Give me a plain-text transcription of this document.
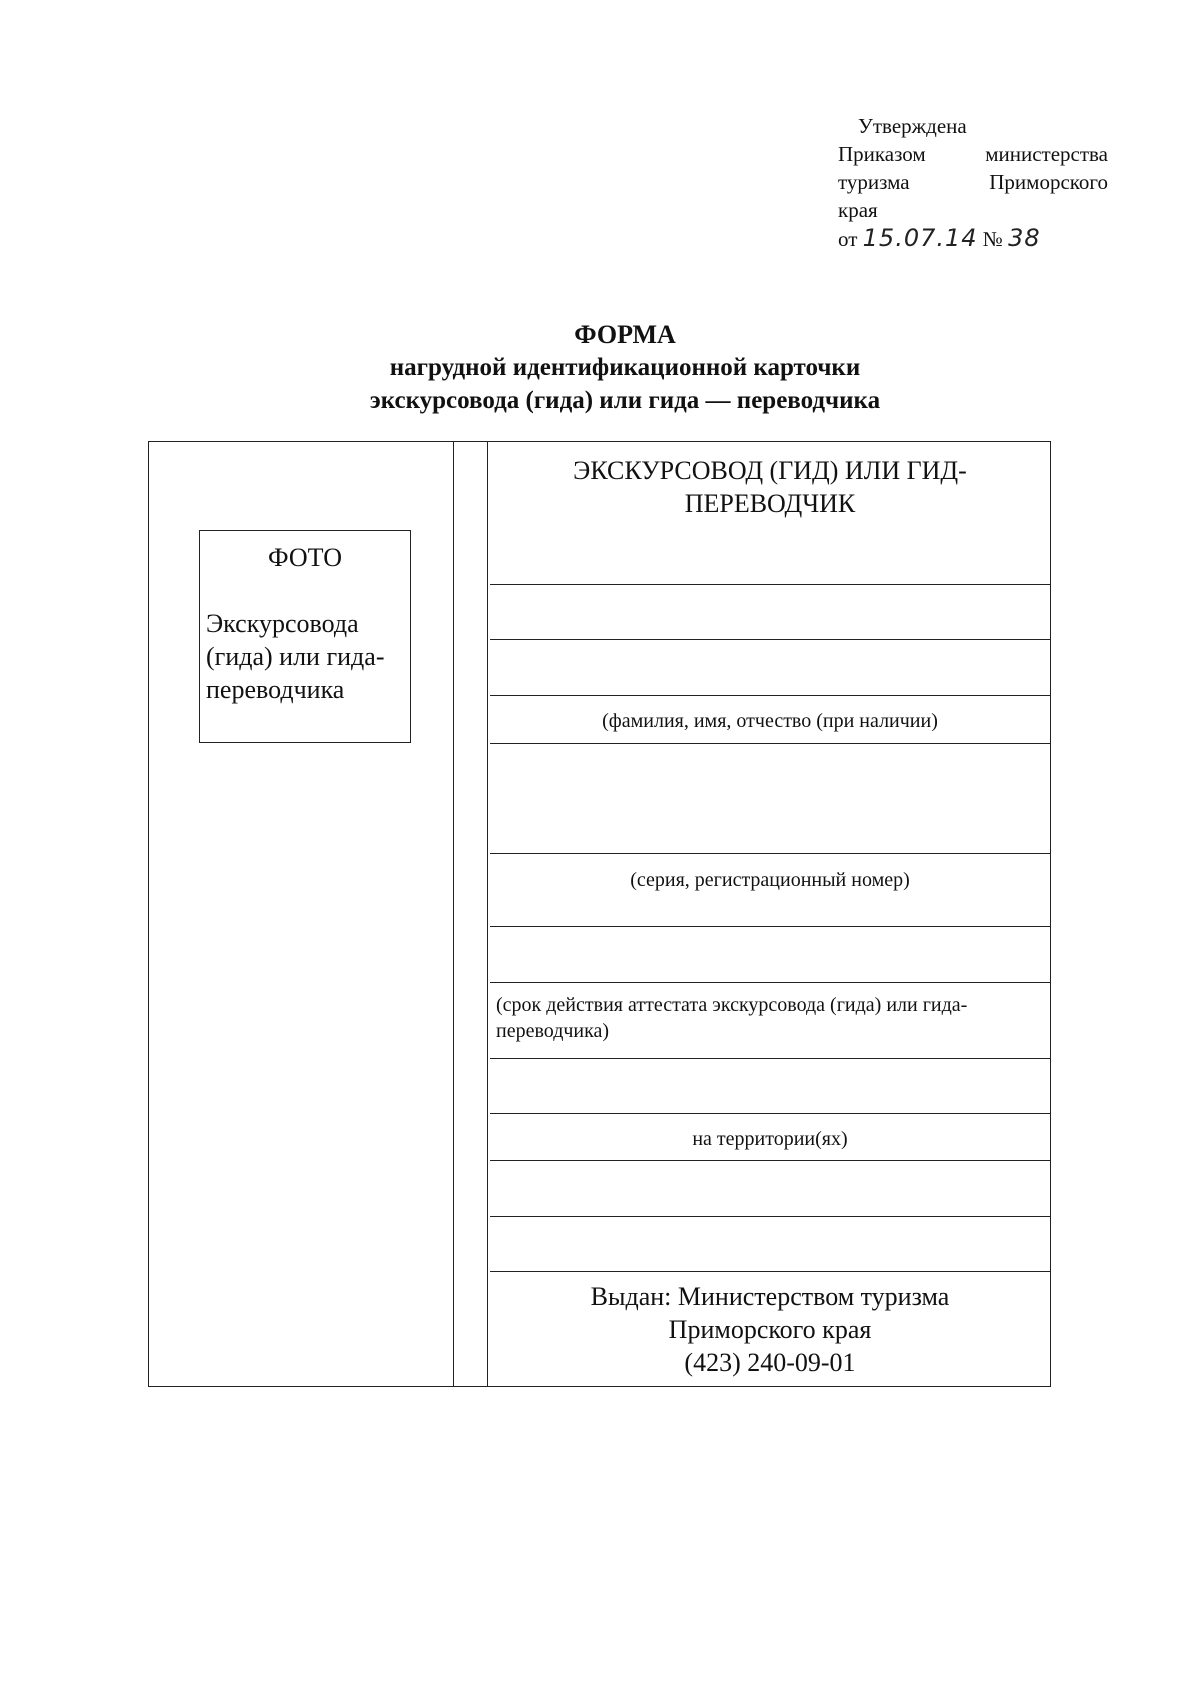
Утверждена
Приказом	министерства
туризма	Приморского
края
от 15.07.14 № 38
ФОРМА
нагрудной идентификационной карточки
экскурсовода (гида) или гида — переводчика
ФОТО
Экскурсовода
(гида) или гида-
переводчика
ЭКСКУРСОВОД (ГИД) ИЛИ ГИД-
ПЕРЕВОДЧИК
(фамилия, имя, отчество (при наличии)
(серия, регистрационный номер)
(срок действия аттестата экскурсовода (гида) или гида-
переводчика)
на территории(ях)
Выдан: Министерством туризма
Приморского края
(423) 240-09-01
